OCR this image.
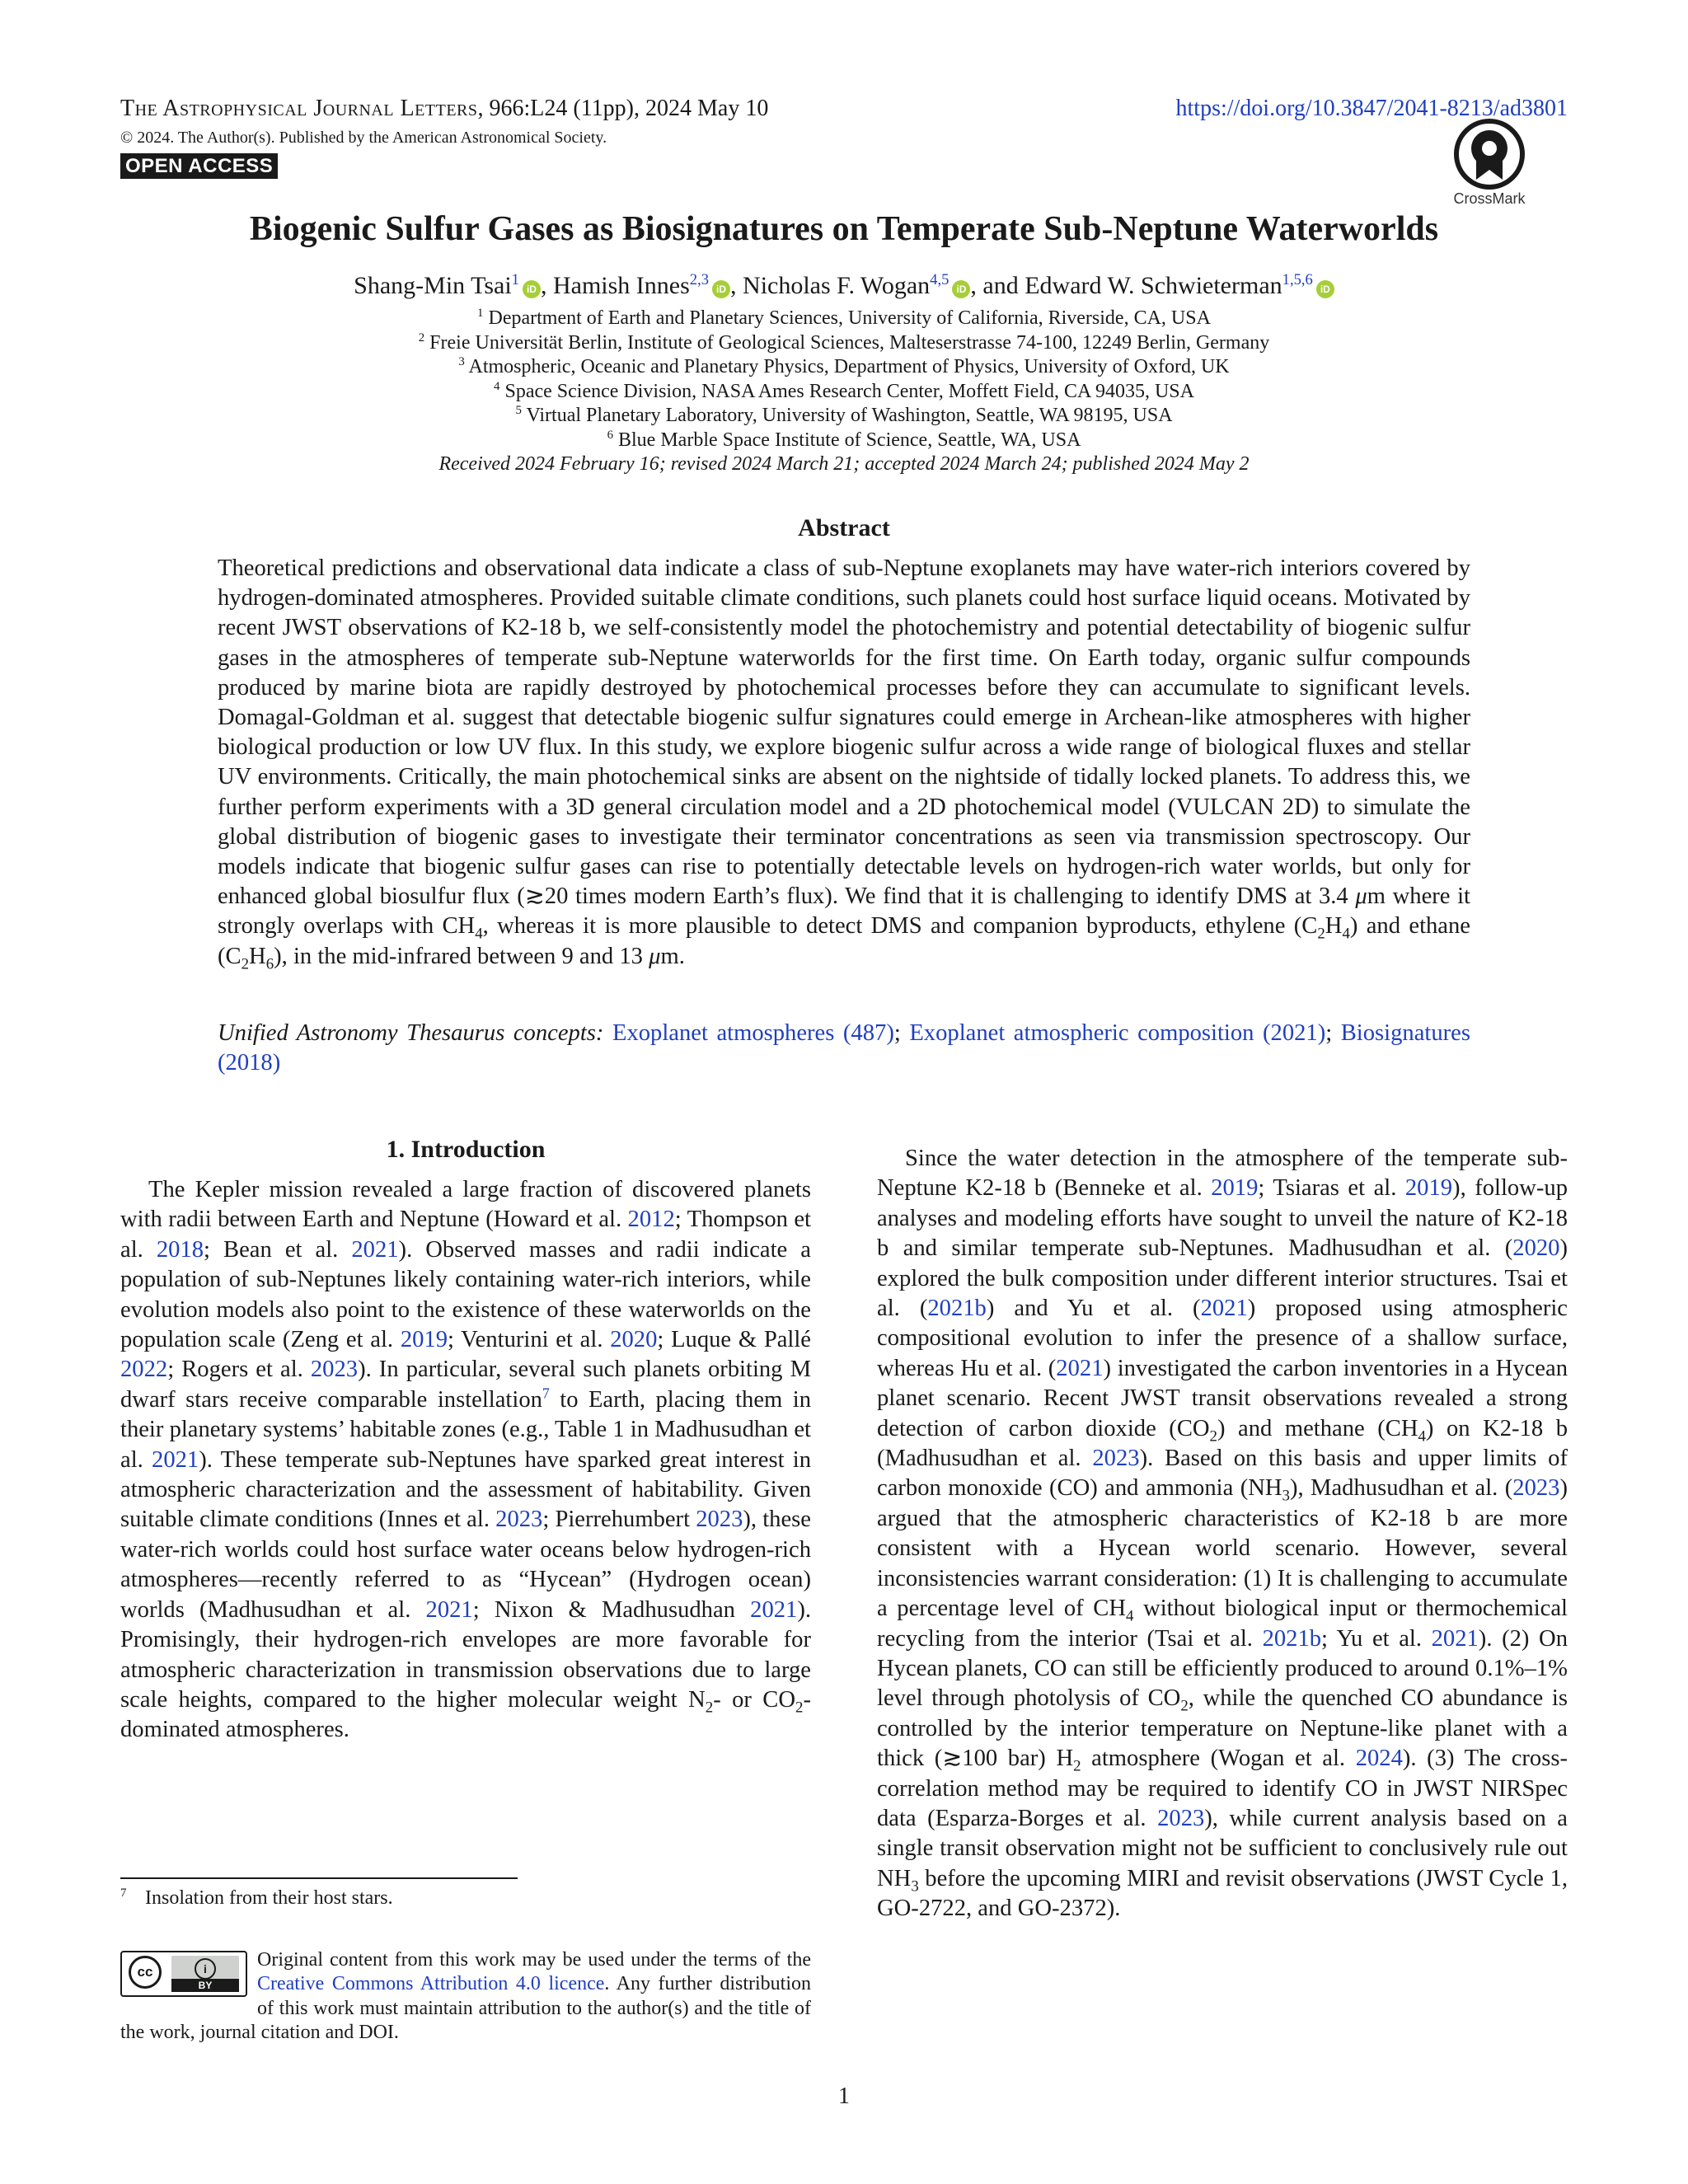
The Astrophysical Journal Letters, 966:L24 (11pp), 2024 May 10	https://doi.org/10.3847/2041-8213/ad3801
© 2024. The Author(s). Published by the American Astronomical Society.
OPEN ACCESS
CrossMark
Biogenic Sulfur Gases as Biosignatures on Temperate Sub-Neptune Waterworlds
Shang-Min Tsai$^1$iD , Hamish Innes$^{2,3}$iD , Nicholas F. Wogan$^{4,5}$iD , and Edward W. Schwieterman$^{1,5,6}$iD
$^1$ Department of Earth and Planetary Sciences, University of California, Riverside, CA, USA
$^2$ Freie Universität Berlin, Institute of Geological Sciences, Malteserstrasse 74-100, 12249 Berlin, Germany
$^3$ Atmospheric, Oceanic and Planetary Physics, Department of Physics, University of Oxford, UK
$^4$ Space Science Division, NASA Ames Research Center, Moffett Field, CA 94035, USA
$^5$ Virtual Planetary Laboratory, University of Washington, Seattle, WA 98195, USA
$^6$ Blue Marble Space Institute of Science, Seattle, WA, USA
Received 2024 February 16; revised 2024 March 21; accepted 2024 March 24; published 2024 May 2
Abstract

Theoretical predictions and observational data indicate a class of sub-Neptune exoplanets may have water-rich interiors covered by hydrogen-dominated atmospheres. Provided suitable climate conditions, such planets could host surface liquid oceans. Motivated by recent JWST observations of K2-18 b, we self-consistently model the photochemistry and potential detectability of biogenic sulfur gases in the atmospheres of temperate sub-Neptune waterworlds for the first time. On Earth today, organic sulfur compounds produced by marine biota are rapidly destroyed by photochemical processes before they can accumulate to significant levels. Domagal-Goldman et al. suggest that detectable biogenic sulfur signatures could emerge in Archean-like atmospheres with higher biological production or low UV flux. In this study, we explore biogenic sulfur across a wide range of biological fluxes and stellar UV environments. Critically, the main photochemical sinks are absent on the nightside of tidally locked planets. To address this, we further perform experiments with a 3D general circulation model and a 2D photochemical model (VULCAN 2D) to simulate the global distribution of biogenic gases to investigate their terminator concentrations as seen via transmission spectroscopy. Our models indicate that biogenic sulfur gases can rise to potentially detectable levels on hydrogen-rich water worlds, but only for enhanced global biosulfur flux (≳20 times modern Earth’s flux). We find that it is challenging to identify DMS at 3.4 μm where it strongly overlaps with $CH_4$, whereas it is more plausible to detect DMS and companion byproducts, ethylene $(C_2H_4)$ and ethane $(C_2H_6)$, in the mid-infrared between 9 and 13 μm.

Unified Astronomy Thesaurus concepts: Exoplanet atmospheres (487); Exoplanet atmospheric composition (2021); Biosignatures (2018)

1. Introduction

The Kepler mission revealed a large fraction of discovered planets with radii between Earth and Neptune (Howard et al. 2012; Thompson et al. 2018; Bean et al. 2021). Observed masses and radii indicate a population of sub-Neptunes likely containing water-rich interiors, while evolution models also point to the existence of these waterworlds on the population scale (Zeng et al. 2019; Venturini et al. 2020; Luque & Pallé 2022; Rogers et al. 2023). In particular, several such planets orbiting M dwarf stars receive comparable instellation$^7$ to Earth, placing them in their planetary systems’ habitable zones (e.g., Table 1 in Madhusudhan et al. 2021). These temperate sub-Neptunes have sparked great interest in atmospheric characterization and the assessment of habitability. Given suitable climate conditions (Innes et al. 2023; Pierrehumbert 2023), these water-rich worlds could host surface water oceans below hydrogen-rich atmospheres—recently referred to as “Hycean” (Hydrogen ocean) worlds (Madhusudhan et al. 2021; Nixon & Madhusudhan 2021). Promisingly, their hydrogen-rich envelopes are more favorable for atmospheric characterization in transmission observations due to large scale heights, compared to the higher molecular weight $N_2-$ or $CO_2$-dominated atmospheres.

$^7$ Insolation from their host stars.

cc	i
BY
Original content from this work may be used under the terms of the Creative Commons Attribution 4.0 licence. Any further distribution of this work must maintain attribution to the author(s) and the title of the work, journal citation and DOI.

Since the water detection in the atmosphere of the temperate sub-Neptune K2-18 b (Benneke et al. 2019; Tsiaras et al. 2019), follow-up analyses and modeling efforts have sought to unveil the nature of K2-18 b and similar temperate sub-Neptunes. Madhusudhan et al. (2020) explored the bulk composition under different interior structures. Tsai et al. (2021b) and Yu et al. (2021) proposed using atmospheric compositional evolution to infer the presence of a shallow surface, whereas Hu et al. (2021) investigated the carbon inventories in a Hycean planet scenario. Recent JWST transit observations revealed a strong detection of carbon dioxide $(CO_2)$ and methane $(CH_4)$ on K2-18 b (Madhusudhan et al. 2023). Based on this basis and upper limits of carbon monoxide (CO) and ammonia $(NH_3)$, Madhusudhan et al. (2023) argued that the atmospheric characteristics of K2-18 b are more consistent with a Hycean world scenario. However, several inconsistencies warrant consideration: (1) It is challenging to accumulate a percentage level of $CH_4$ without biological input or thermochemical recycling from the interior (Tsai et al. 2021b; Yu et al. 2021). (2) On Hycean planets, CO can still be efficiently produced to around 0.1%–1% level through photolysis of $CO_2$, while the quenched CO abundance is controlled by the interior temperature on Neptune-like planet with a thick (≳100 bar) $H_2$ atmosphere (Wogan et al. 2024). (3) The cross-correlation method may be required to identify CO in JWST NIRSpec data (Esparza-Borges et al. 2023), while current analysis based on a single transit observation might not be sufficient to conclusively rule out $NH_3$ before the upcoming MIRI and revisit observations (JWST Cycle 1, GO-2722, and GO-2372).

1
